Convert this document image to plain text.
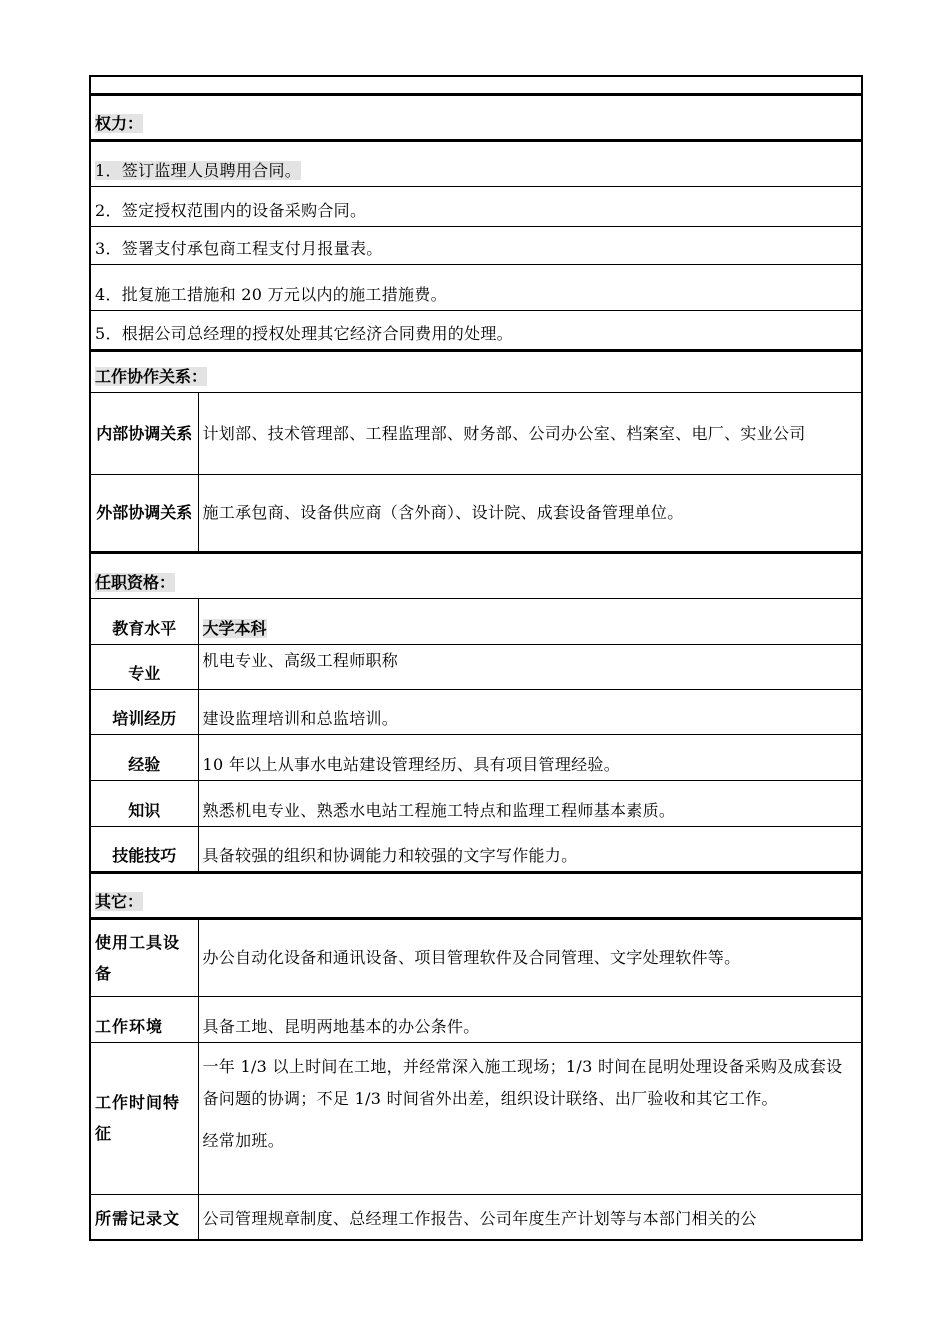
权力：	
1．签订监理人员聘用合同。	
2．签定授权范围内的设备采购合同。	
3．签署支付承包商工程支付月报量表。	
4．批复施工措施和 20 万元以内的施工措施费。	
5．根据公司总经理的授权处理其它经济合同费用的处理。	
工作协作关系：	
内部协调关系	计划部、技术管理部、工程监理部、财务部、公司办公室、档案室、电厂、实业公司
外部协调关系	施工承包商、设备供应商（含外商）、设计院、成套设备管理单位。
任职资格：	
教育水平	大学本科
专业	机电专业、高级工程师职称
培训经历	建设监理培训和总监培训。
经验	10 年以上从事水电站建设管理经历、具有项目管理经验。
知识	熟悉机电专业、熟悉水电站工程施工特点和监理工程师基本素质。
技能技巧	具备较强的组织和协调能力和较强的文字写作能力。
其它：	
使用工具设备	办公自动化设备和通讯设备、项目管理软件及合同管理、文字处理软件等。
工作环境	具备工地、昆明两地基本的办公条件。
工作时间特征	一年 1/3 以上时间在工地，并经常深入施工现场；1/3 时间在昆明处理设备采购及成套设备问题的协调；不足 1/3 时间省外出差，组织设计联络、出厂验收和其它工作。

经常加班。

所需记录文	公司管理规章制度、总经理工作报告、公司年度生产计划等与本部门相关的公
